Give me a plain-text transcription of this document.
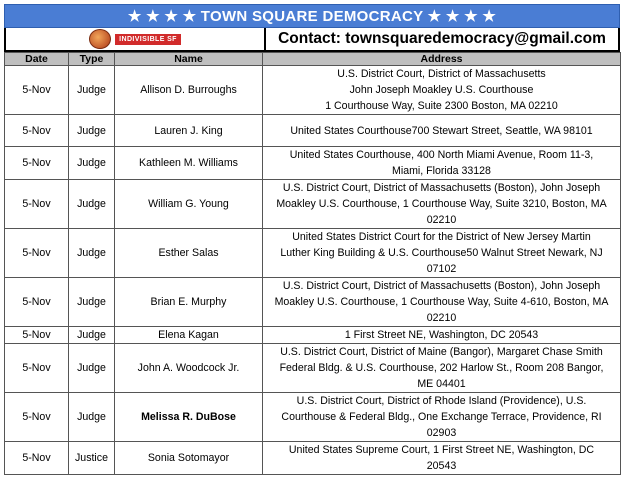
★ ★ ★ ★ TOWN SQUARE DEMOCRACY ★ ★ ★ ★
INDIVISIBLE SF	Contact: townsquaredemocracy@gmail.com
Date	Type	Name	Address
5-Nov	Judge	Allison D. Burroughs	U.S. District Court, District of Massachusetts
John Joseph Moakley U.S. Courthouse
1 Courthouse Way, Suite 2300 Boston, MA 02210

5-Nov	Judge	Lauren J. King	United States Courthouse700 Stewart Street, Seattle, WA 98101

5-Nov	Judge	Kathleen M. Williams	United States Courthouse, 400 North Miami Avenue, Room 11-3,
Miami, Florida 33128

5-Nov	Judge	William G. Young	U.S. District Court, District of Massachusetts (Boston), John Joseph
Moakley U.S. Courthouse, 1 Courthouse Way, Suite 3210, Boston, MA
02210

5-Nov	Judge	Esther Salas	United States District Court for the District of New Jersey Martin
Luther King Building & U.S. Courthouse50 Walnut Street Newark, NJ
07102

5-Nov	Judge	Brian E. Murphy	U.S. District Court, District of Massachusetts (Boston), John Joseph
Moakley U.S. Courthouse, 1 Courthouse Way, Suite 4-610, Boston, MA
02210

5-Nov	Judge	Elena Kagan	1 First Street NE, Washington, DC 20543

5-Nov	Judge	John A. Woodcock Jr.	U.S. District Court, District of Maine (Bangor), Margaret Chase Smith
Federal Bldg. & U.S. Courthouse, 202 Harlow St., Room 208 Bangor,
ME 04401

5-Nov	Judge	Melissa R. DuBose	U.S. District Court, District of Rhode Island (Providence), U.S.
Courthouse & Federal Bldg., One Exchange Terrace, Providence, RI
02903

5-Nov	Justice	Sonia Sotomayor	United States Supreme Court, 1 First Street NE, Washington, DC
20543
